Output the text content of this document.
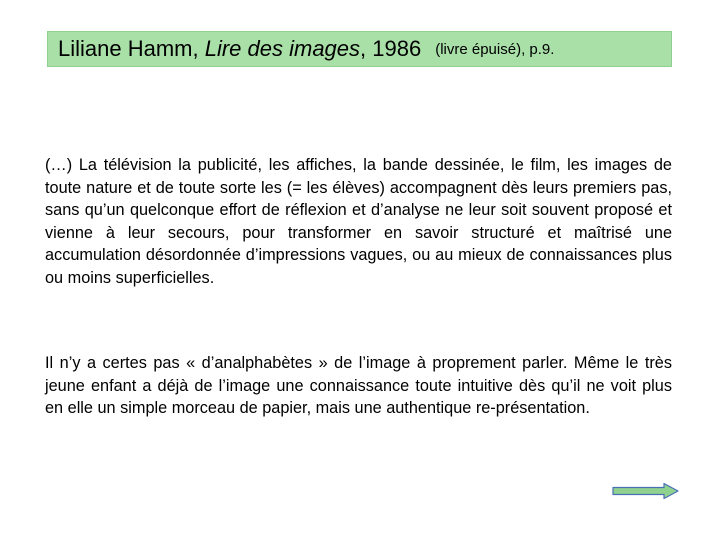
Liliane Hamm, Lire des images, 1986 (livre épuisé), p.9.

(…) La télévision la publicité, les affiches, la bande dessinée, le film, les images de toute nature et de toute sorte les (= les élèves) accompagnent dès leurs premiers pas, sans qu’un quelconque effort de réflexion et d’analyse ne leur soit souvent proposé et vienne à leur secours, pour transformer en savoir structuré et maîtrisé une accumulation désordonnée d’impressions vagues, ou au mieux de connaissances plus ou moins superficielles.

Il n’y a certes pas « d’analphabètes » de l’image à proprement parler. Même le très jeune enfant a déjà de l’image une connaissance toute intuitive dès qu’il ne voit plus en elle un simple morceau de papier, mais une authentique re-présentation.
